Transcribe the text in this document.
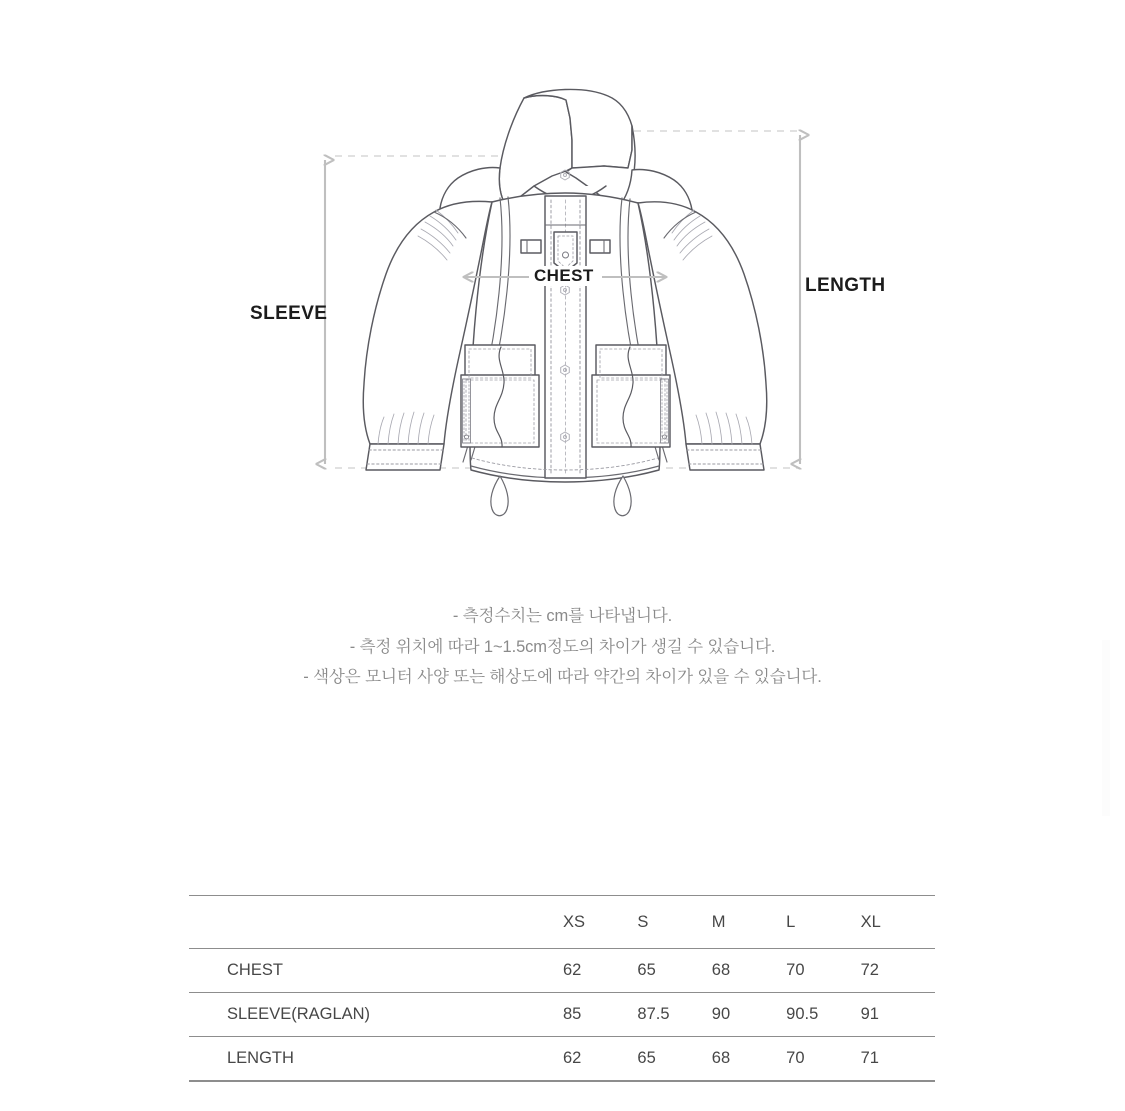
SLEEVE
CHEST	LENGTH
- 측정수치는 cm를 나타냅니다.
- 측정 위치에 따라 1~1.5cm정도의 차이가 생길 수 있습니다.
- 색상은 모니터 사양 또는 해상도에 따라 약간의 차이가 있을 수 있습니다.
	XS	S	M	L	XL
CHEST	62	65	68	70	72
SLEEVE(RAGLAN)	85	87.5	90	90.5	91
LENGTH	62	65	68	70	71
